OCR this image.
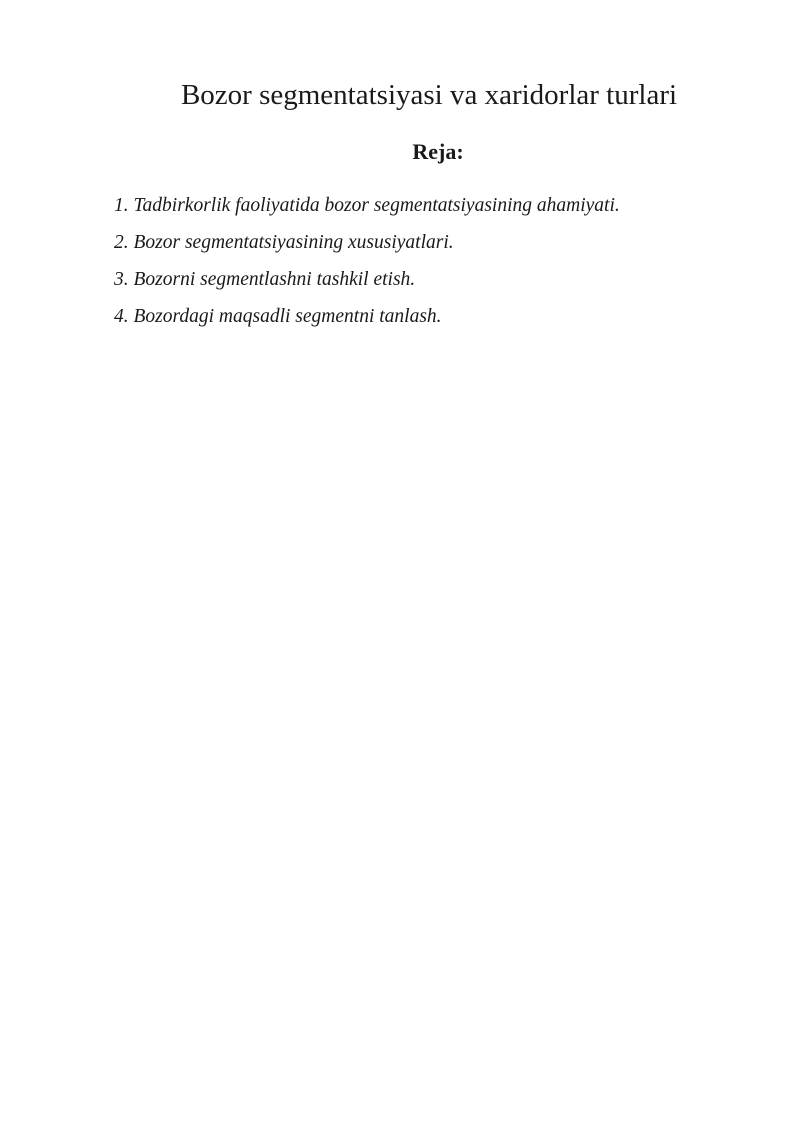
Bozor segmentatsiyasi va xaridorlar turlari
Reja:
1. Tadbirkorlik faoliyatida bozor segmentatsiyasining ahamiyati.
2. Bozor segmentatsiyasining xususiyatlari.
3. Bozorni segmentlashni tashkil etish.
4. Bozordagi maqsadli segmentni tanlash.
